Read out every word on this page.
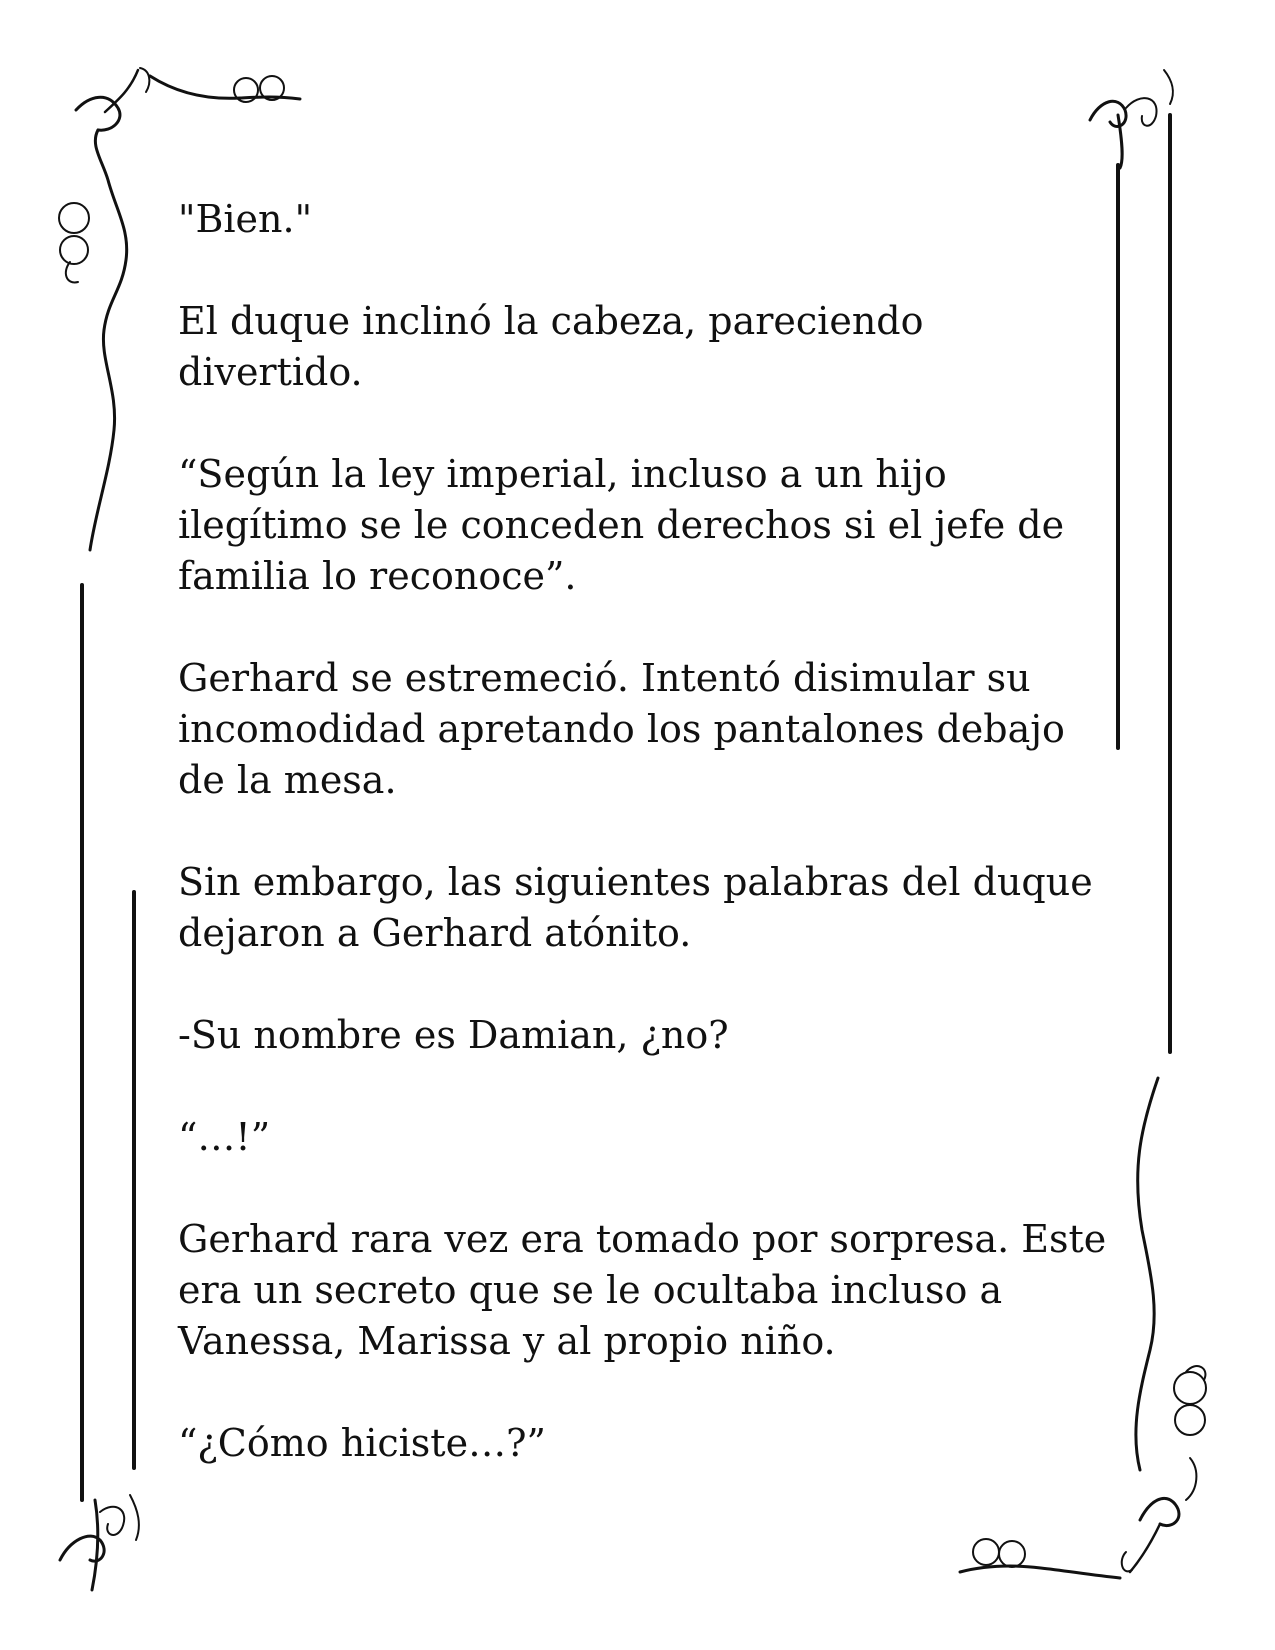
"Bien."

El duque inclinó la cabeza, pareciendo divertido.

“Según la ley imperial, incluso a un hijo ilegítimo se le conceden derechos si el jefe de familia lo reconoce”.

Gerhard se estremeció. Intentó disimular su incomodidad apretando los pantalones debajo de la mesa.

Sin embargo, las siguientes palabras del duque dejaron a Gerhard atónito.

-Su nombre es Damian, ¿no?

“…!”

Gerhard rara vez era tomado por sorpresa. Este era un secreto que se le ocultaba incluso a Vanessa, Marissa y al propio niño.

“¿Cómo hiciste…?”
